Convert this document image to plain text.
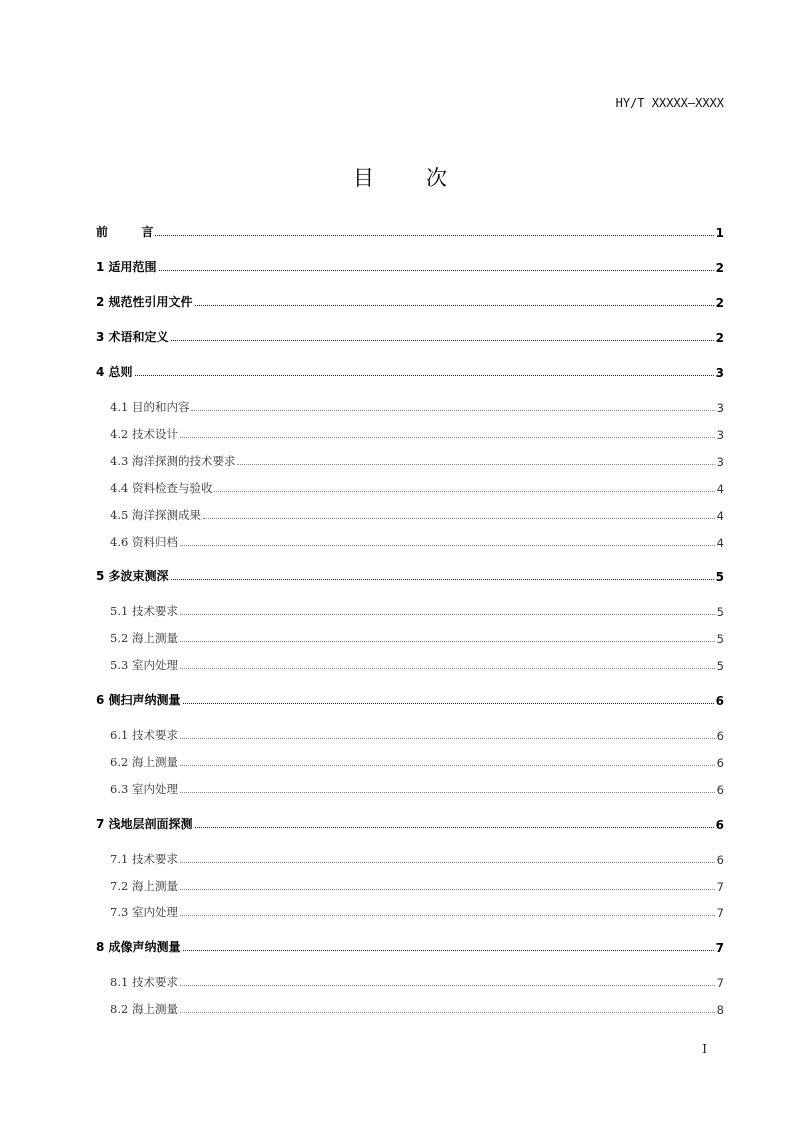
HY/T XXXXX—XXXX
目 次
前        言	1
1 适用范围	2
2 规范性引用文件	2
3 术语和定义	2
4 总则	3
4.1 目的和内容	3
4.2 技术设计	3
4.3 海洋探测的技术要求	3
4.4 资料检查与验收	4
4.5 海洋探测成果	4
4.6 资料归档	4
5 多波束测深	5
5.1 技术要求	5
5.2 海上测量	5
5.3 室内处理	5
6 侧扫声纳测量	6
6.1 技术要求	6
6.2 海上测量	6
6.3 室内处理	6
7 浅地层剖面探测	6
7.1 技术要求	6
7.2 海上测量	7
7.3 室内处理	7
8 成像声纳测量	7
8.1 技术要求	7
8.2 海上测量	8
I
